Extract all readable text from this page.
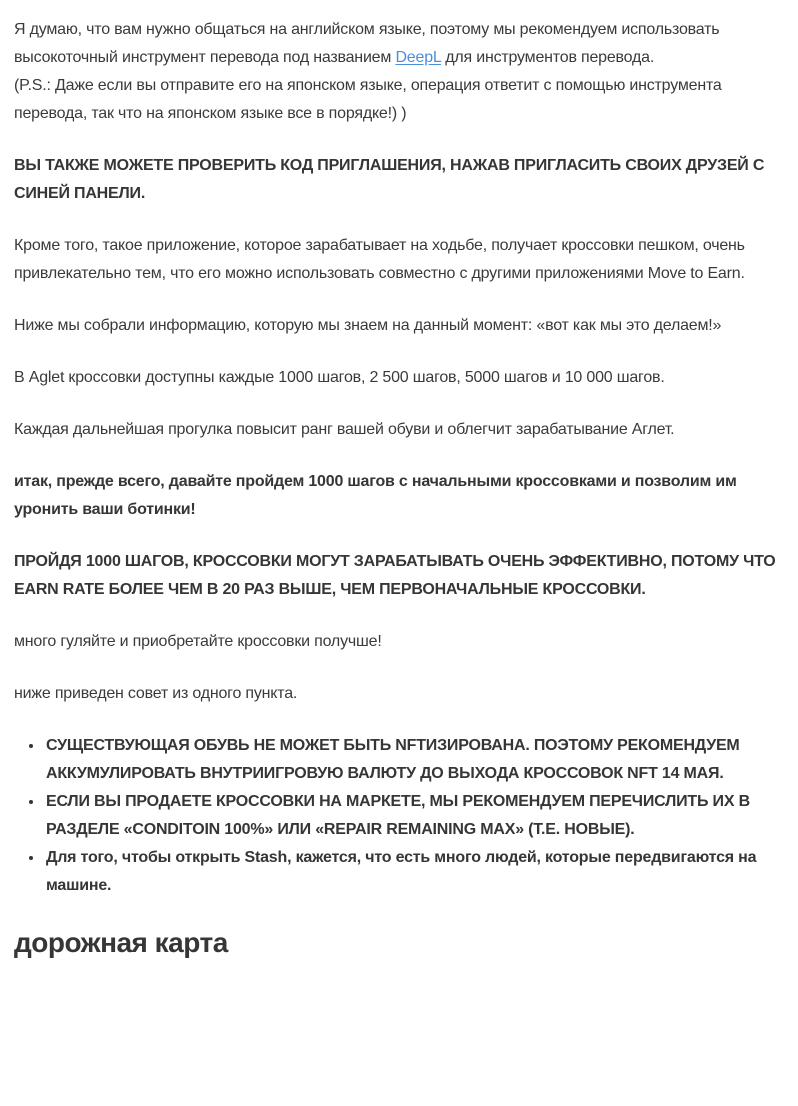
Я думаю, что вам нужно общаться на английском языке, поэтому мы рекомендуем использовать высокоточный инструмент перевода под названием DeepL для инструментов перевода.
(P.S.: Даже если вы отправите его на японском языке, операция ответит с помощью инструмента перевода, так что на японском языке все в порядке!) )

ВЫ ТАКЖЕ МОЖЕТЕ ПРОВЕРИТЬ КОД ПРИГЛАШЕНИЯ, НАЖАВ ПРИГЛАСИТЬ СВОИХ ДРУЗЕЙ С СИНЕЙ ПАНЕЛИ.

Кроме того, такое приложение, которое зарабатывает на ходьбе, получает кроссовки пешком, очень привлекательно тем, что его можно использовать совместно с другими приложениями Move to Earn.

Ниже мы собрали информацию, которую мы знаем на данный момент: «вот как мы это делаем!»

В Aglet кроссовки доступны каждые 1000 шагов, 2 500 шагов, 5000 шагов и 10 000 шагов.

Каждая дальнейшая прогулка повысит ранг вашей обуви и облегчит зарабатывание Аглет.

итак, прежде всего, давайте пройдем 1000 шагов с начальными кроссовками и позволим им уронить ваши ботинки!

ПРОЙДЯ 1000 ШАГОВ, КРОССОВКИ МОГУТ ЗАРАБАТЫВАТЬ ОЧЕНЬ ЭФФЕКТИВНО, ПОТОМУ ЧТО EARN RATE БОЛЕЕ ЧЕМ В 20 РАЗ ВЫШЕ, ЧЕМ ПЕРВОНАЧАЛЬНЫЕ КРОССОВКИ.

много гуляйте и приобретайте кроссовки получше!

ниже приведен совет из одного пункта.

• СУЩЕСТВУЮЩАЯ ОБУВЬ НЕ МОЖЕТ БЫТЬ NFTИЗИРОВАНА. ПОЭТОМУ РЕКОМЕНДУЕМ АККУМУЛИРОВАТЬ ВНУТРИИГРОВУЮ ВАЛЮТУ ДО ВЫХОДА КРОССОВОК NFT 14 МАЯ.
• ЕСЛИ ВЫ ПРОДАЕТЕ КРОССОВКИ НА МАРКЕТЕ, МЫ РЕКОМЕНДУЕМ ПЕРЕЧИСЛИТЬ ИХ В РАЗДЕЛЕ «CONDITOIN 100%» ИЛИ «REPAIR REMAINING MAX» (Т.Е. НОВЫЕ).
• Для того, чтобы открыть Stash, кажется, что есть много людей, которые передвигаются на машине.
дорожная карта
